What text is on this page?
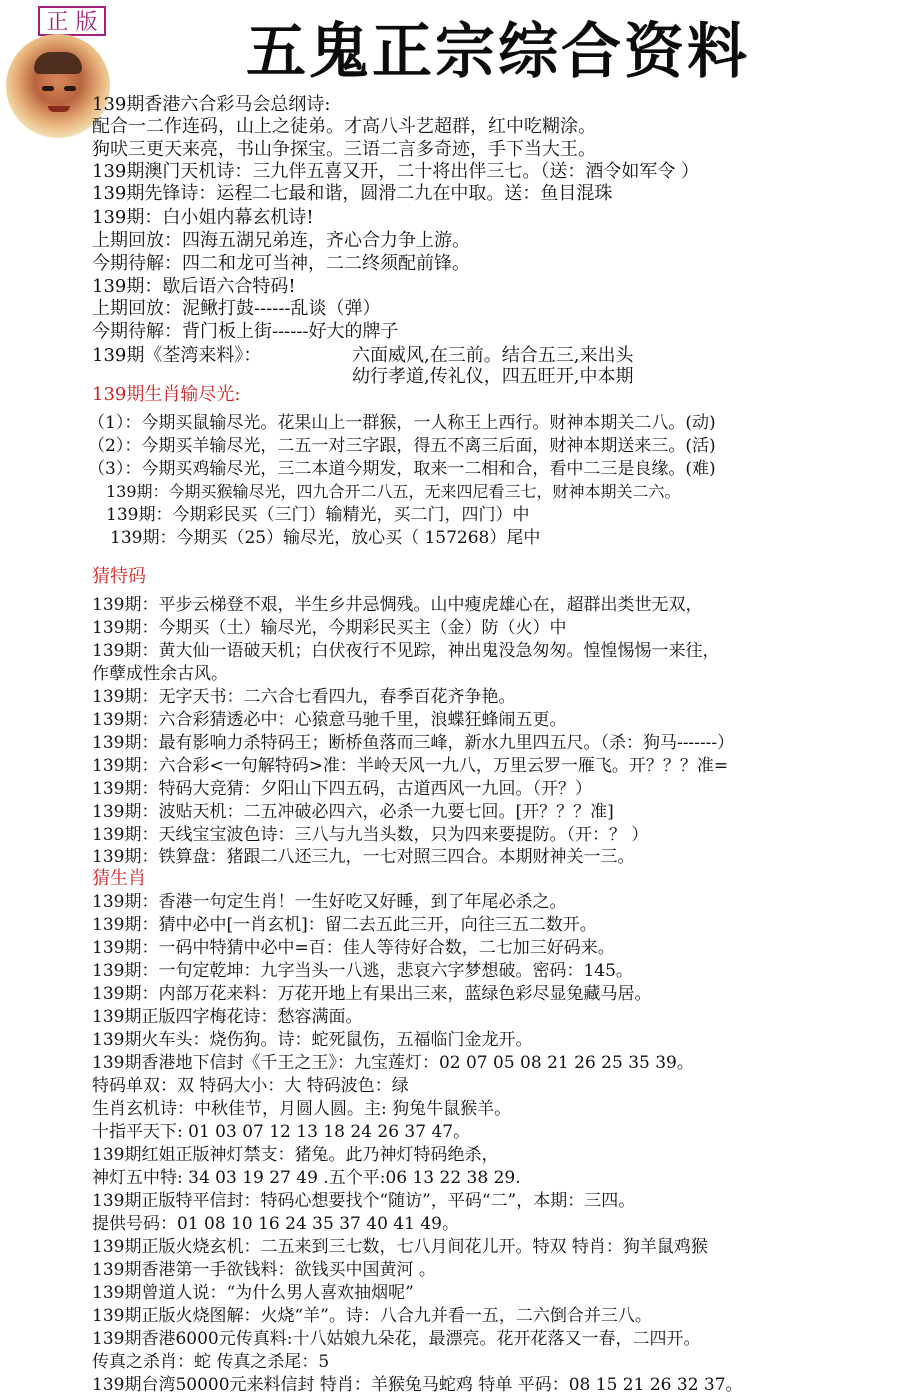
正 版 五鬼正宗综合资料
139期香港六合彩马会总纲诗:
配合一二作连码，山上之徒弟。才高八斗艺超群，红中吃糊涂。
狗吠三更天来亮，书山争探宝。三语二言多奇迹，手下当大王。
139期澳门天机诗：三九伴五喜又开，二十将出伴三七。（送：酒令如军令 ）
139期先锋诗：运程二七最和谐，圆滑二九在中取。送：鱼目混珠
139期：白小姐内幕玄机诗!
上期回放：四海五湖兄弟连，齐心合力争上游。
今期待解：四二和龙可当神，二二终须配前锋。
139期：歇后语六合特码!
上期回放：泥鳅打鼓------乱谈（弹）
今期待解：背门板上街------好大的牌子
139期《荃湾来料》：	六面威风,在三前。结合五三,来出头
幼行孝道,传礼仪，四五旺开,中本期
139期生肖输尽光:
（1）：今期买鼠输尽光。花果山上一群猴，一人称王上西行。财神本期关二八。(动)
（2）：今期买羊输尽光，二五一对三字跟，得五不离三后面，财神本期送来三。(活)
（3）：今期买鸡输尽光，三二本道今期发，取来一二相和合，看中二三是良缘。(难)
139期：今期买猴输尽光，四九合开二八五，无来四尼看三七，财神本期关二六。
139期：今期彩民买（三门）输精光，买二门，四门）中
139期：今期买（25）输尽光，放心买（ 157268）尾中
猜特码
139期：平步云梯登不艰，半生乡井忌惆残。山中瘦虎雄心在，超群出类世无双，
139期：今期买（土）输尽光，今期彩民买主（金）防（火）中
139期：黄大仙一语破天机；白伏夜行不见踪，神出鬼没急匆匆。惶惶惕惕一来往，
作孽成性余古风。
139期：无字天书：二六合七看四九，春季百花齐争艳。
139期：六合彩猜透必中：心猿意马驰千里，浪蝶狂蜂闹五更。
139期：最有影响力杀特码王；断桥鱼落而三峰，新水九里四五尺。（杀：狗马-------）
139期：六合彩<一句解特码>准：半岭天风一九八，万里云罗一雁飞。开？？？准=
139期：特码大竞猜：夕阳山下四五码，古道西风一九回。（开？）
139期：波贴天机：二五冲破必四六，必杀一九要七回。[开？？？准]
139期：天线宝宝波色诗：三八与九当头数，只为四来要提防。（开：？ ）
139期：铁算盘：猪跟二八还三九，一七对照三四合。本期财神关一三。
猜生肖
139期：香港一句定生肖！一生好吃又好睡，到了年尾必杀之。
139期：猜中必中[一肖玄机]：留二去五此三开，向往三五二数开。
139期：一码中特猜中必中=百：佳人等待好合数，二七加三好码来。
139期：一句定乾坤：九字当头一八逃，悲哀六字梦想破。密码：145。
139期：内部万花来料：万花开地上有果出三来，蓝绿色彩尽显兔藏马居。
139期正版四字梅花诗：愁容满面。
139期火车头：烧伤狗。诗：蛇死鼠伤，五福临门金龙开。
139期香港地下信封《千王之王》：九宝莲灯：02 07 05 08 21 26 25 35 39。
特码单双：双 特码大小：大 特码波色：绿
生肖玄机诗：中秋佳节，月圆人圆。主: 狗兔牛鼠猴羊。
十指平天下: 01 03 07 12 13 18 24 26 37 47。
139期红姐正版神灯禁支：猪兔。此乃神灯特码绝杀，
神灯五中特: 34 03 19 27 49 .五个平:06 13 22 38 29.
139期正版特平信封：特码心想要找个“随访”，平码“二”，本期：三四。
提供号码：01 08 10 16 24 35 37 40 41 49。
139期正版火烧玄机：二五来到三七数，七八月间花儿开。特双 特肖：狗羊鼠鸡猴
139期香港第一手欲钱料：欲钱买中国黄河 。
139期曾道人说：“为什么男人喜欢抽烟呢”
139期正版火烧图解：火烧“羊”。诗：八合九并看一五，二六倒合并三八。
139期香港6000元传真料:十八姑娘九朵花，最漂亮。花开花落又一春，二四开。
传真之杀肖：蛇 传真之杀尾：5
139期台湾50000元来料信封 特肖：羊猴兔马蛇鸡 特单 平码：08 15 21 26 32 37。
